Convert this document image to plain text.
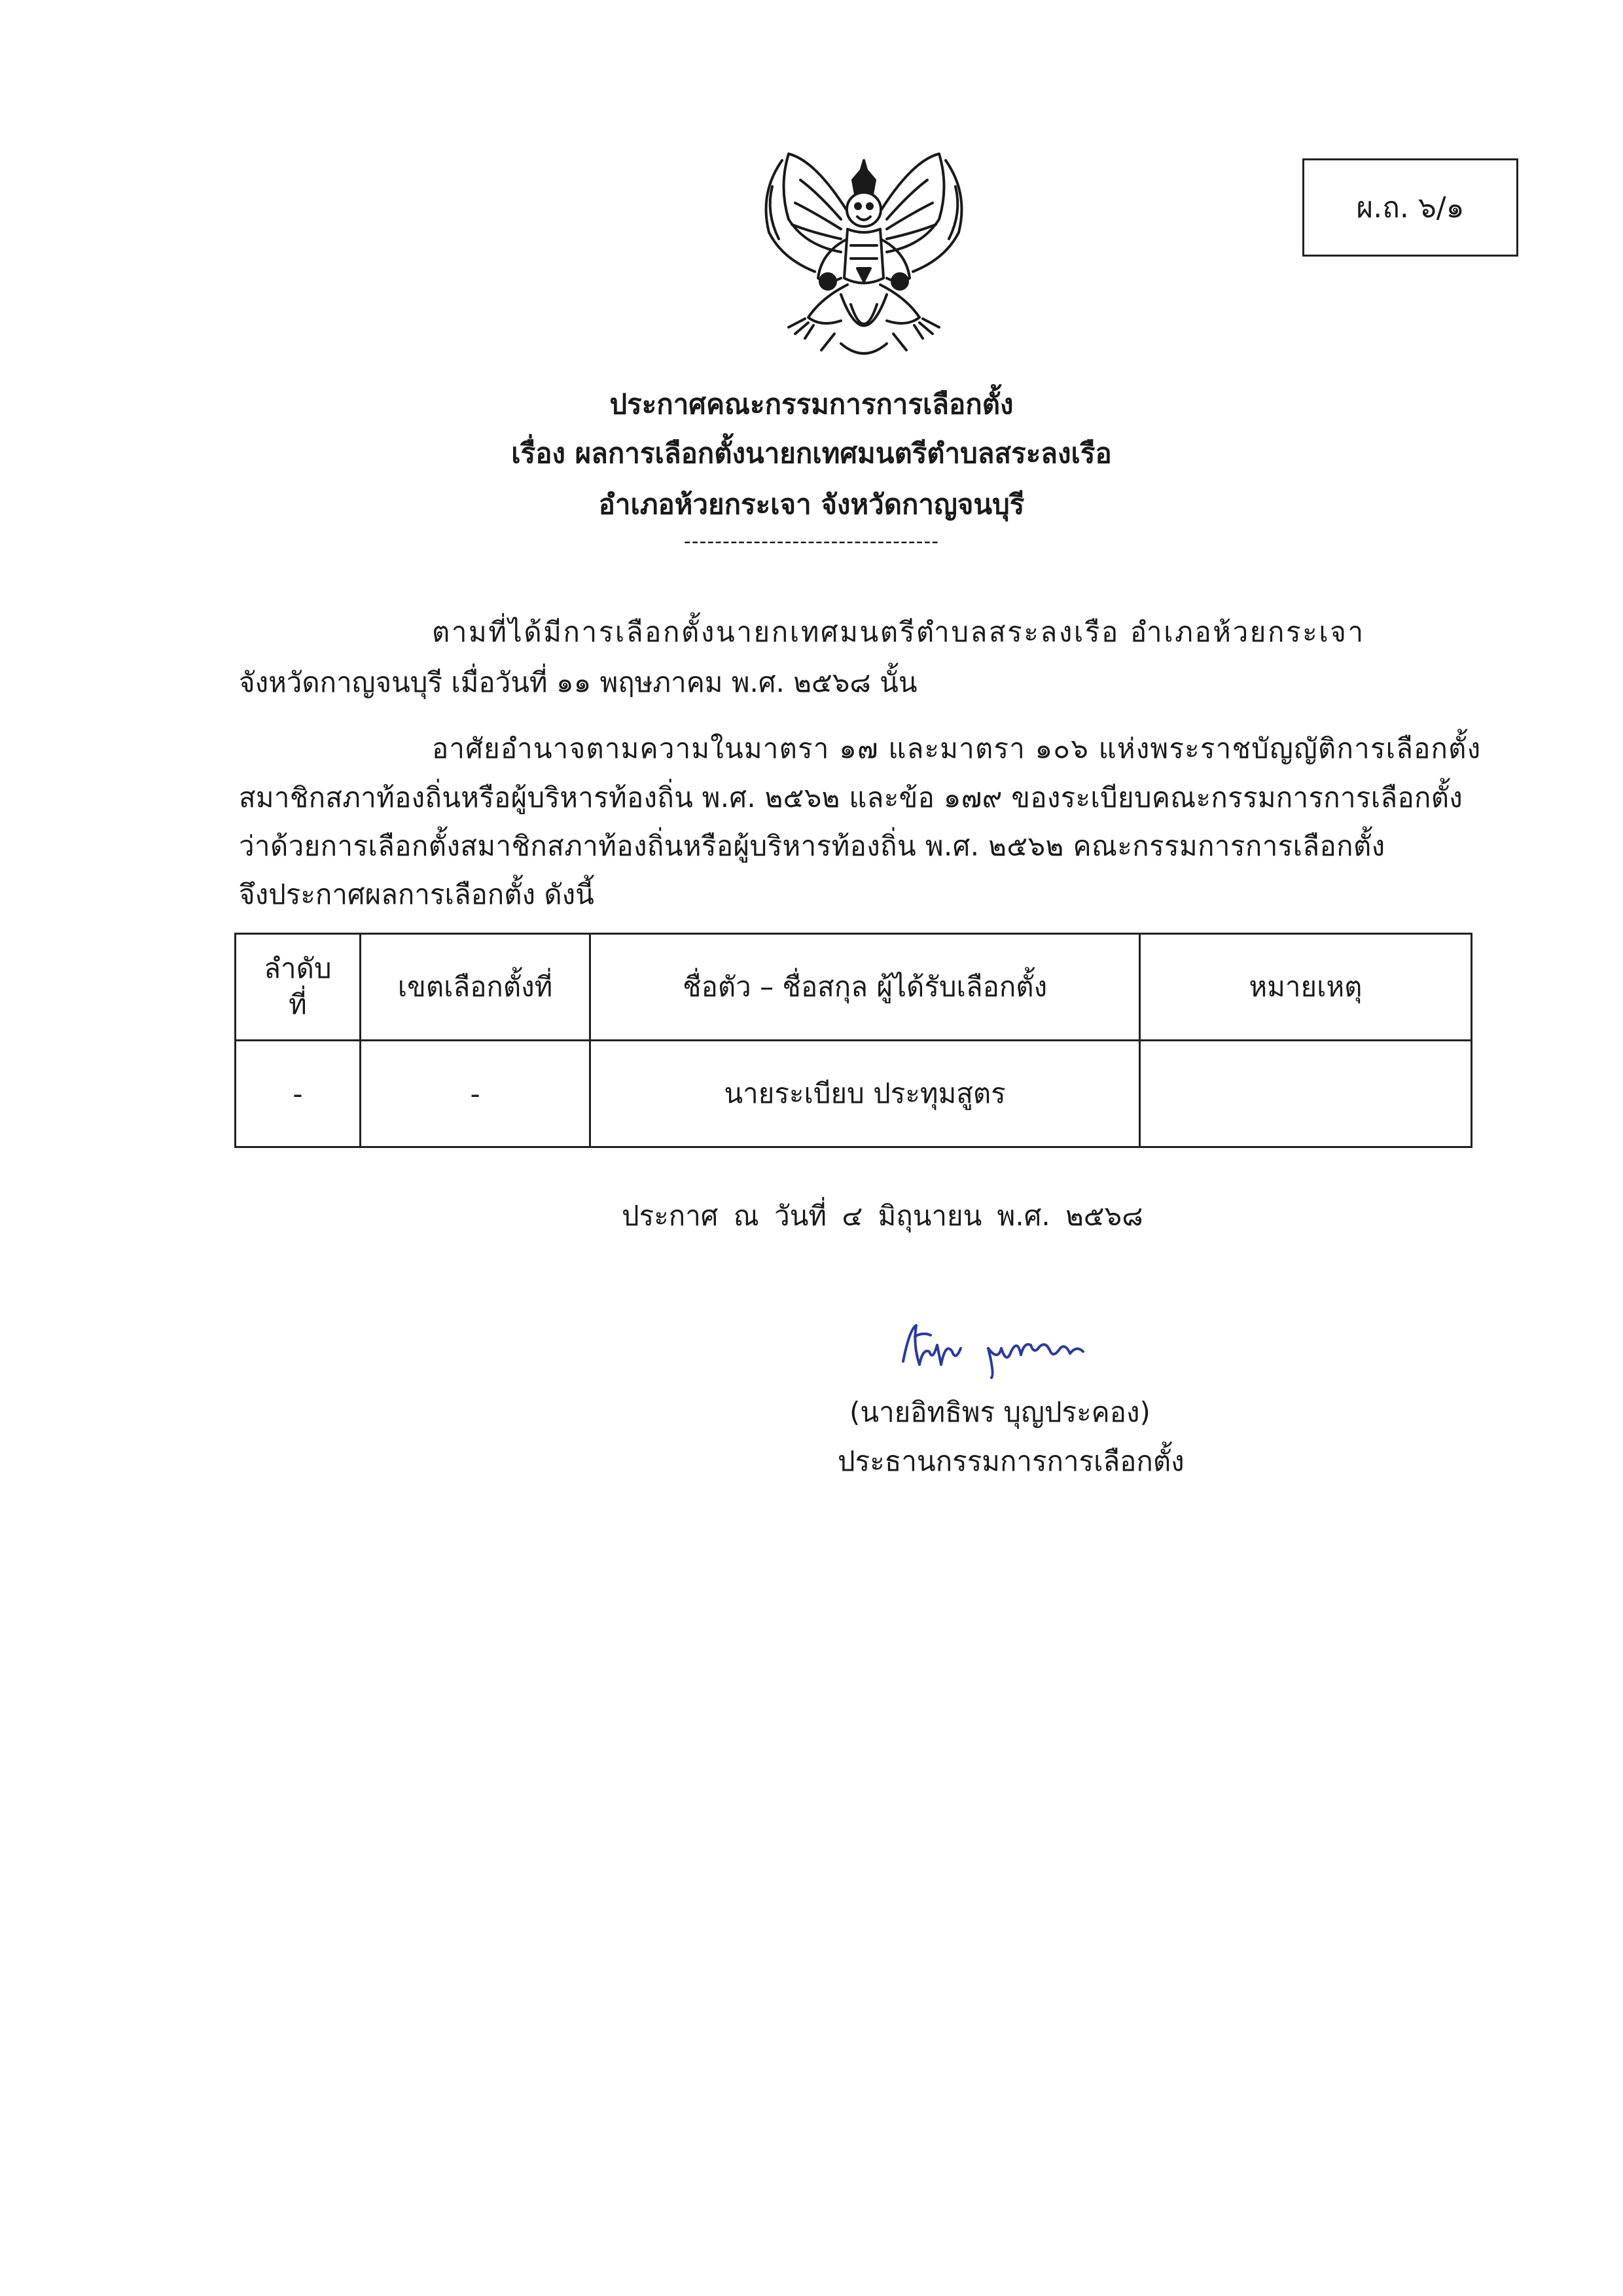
ผ.ถ. ๖/๑
ประกาศคณะกรรมการการเลือกตั้ง
เรื่อง ผลการเลือกตั้งนายกเทศมนตรีตำบลสระลงเรือ
อำเภอห้วยกระเจา จังหวัดกาญจนบุรี
---------------------------------
ตามที่ได้มีการเลือกตั้งนายกเทศมนตรีตำบลสระลงเรือ อำเภอห้วยกระเจา
จังหวัดกาญจนบุรี เมื่อวันที่ ๑๑ พฤษภาคม พ.ศ. ๒๕๖๘ นั้น
อาศัยอำนาจตามความในมาตรา ๑๗ และมาตรา ๑๐๖ แห่งพระราชบัญญัติการเลือกตั้ง
สมาชิกสภาท้องถิ่นหรือผู้บริหารท้องถิ่น พ.ศ. ๒๕๖๒ และข้อ ๑๗๙ ของระเบียบคณะกรรมการการเลือกตั้ง
ว่าด้วยการเลือกตั้งสมาชิกสภาท้องถิ่นหรือผู้บริหารท้องถิ่น พ.ศ. ๒๕๖๒ คณะกรรมการการเลือกตั้ง
จึงประกาศผลการเลือกตั้ง ดังนี้
ลำดับ
ที่	เขตเลือกตั้งที่	ชื่อตัว – ชื่อสกุล ผู้ได้รับเลือกตั้ง	หมายเหตุ
-	-	นายระเบียบ ประทุมสูตร	
ประกาศ ณ วันที่ ๔ มิถุนายน พ.ศ. ๒๕๖๘
(นายอิทธิพร บุญประคอง)
ประธานกรรมการการเลือกตั้ง
